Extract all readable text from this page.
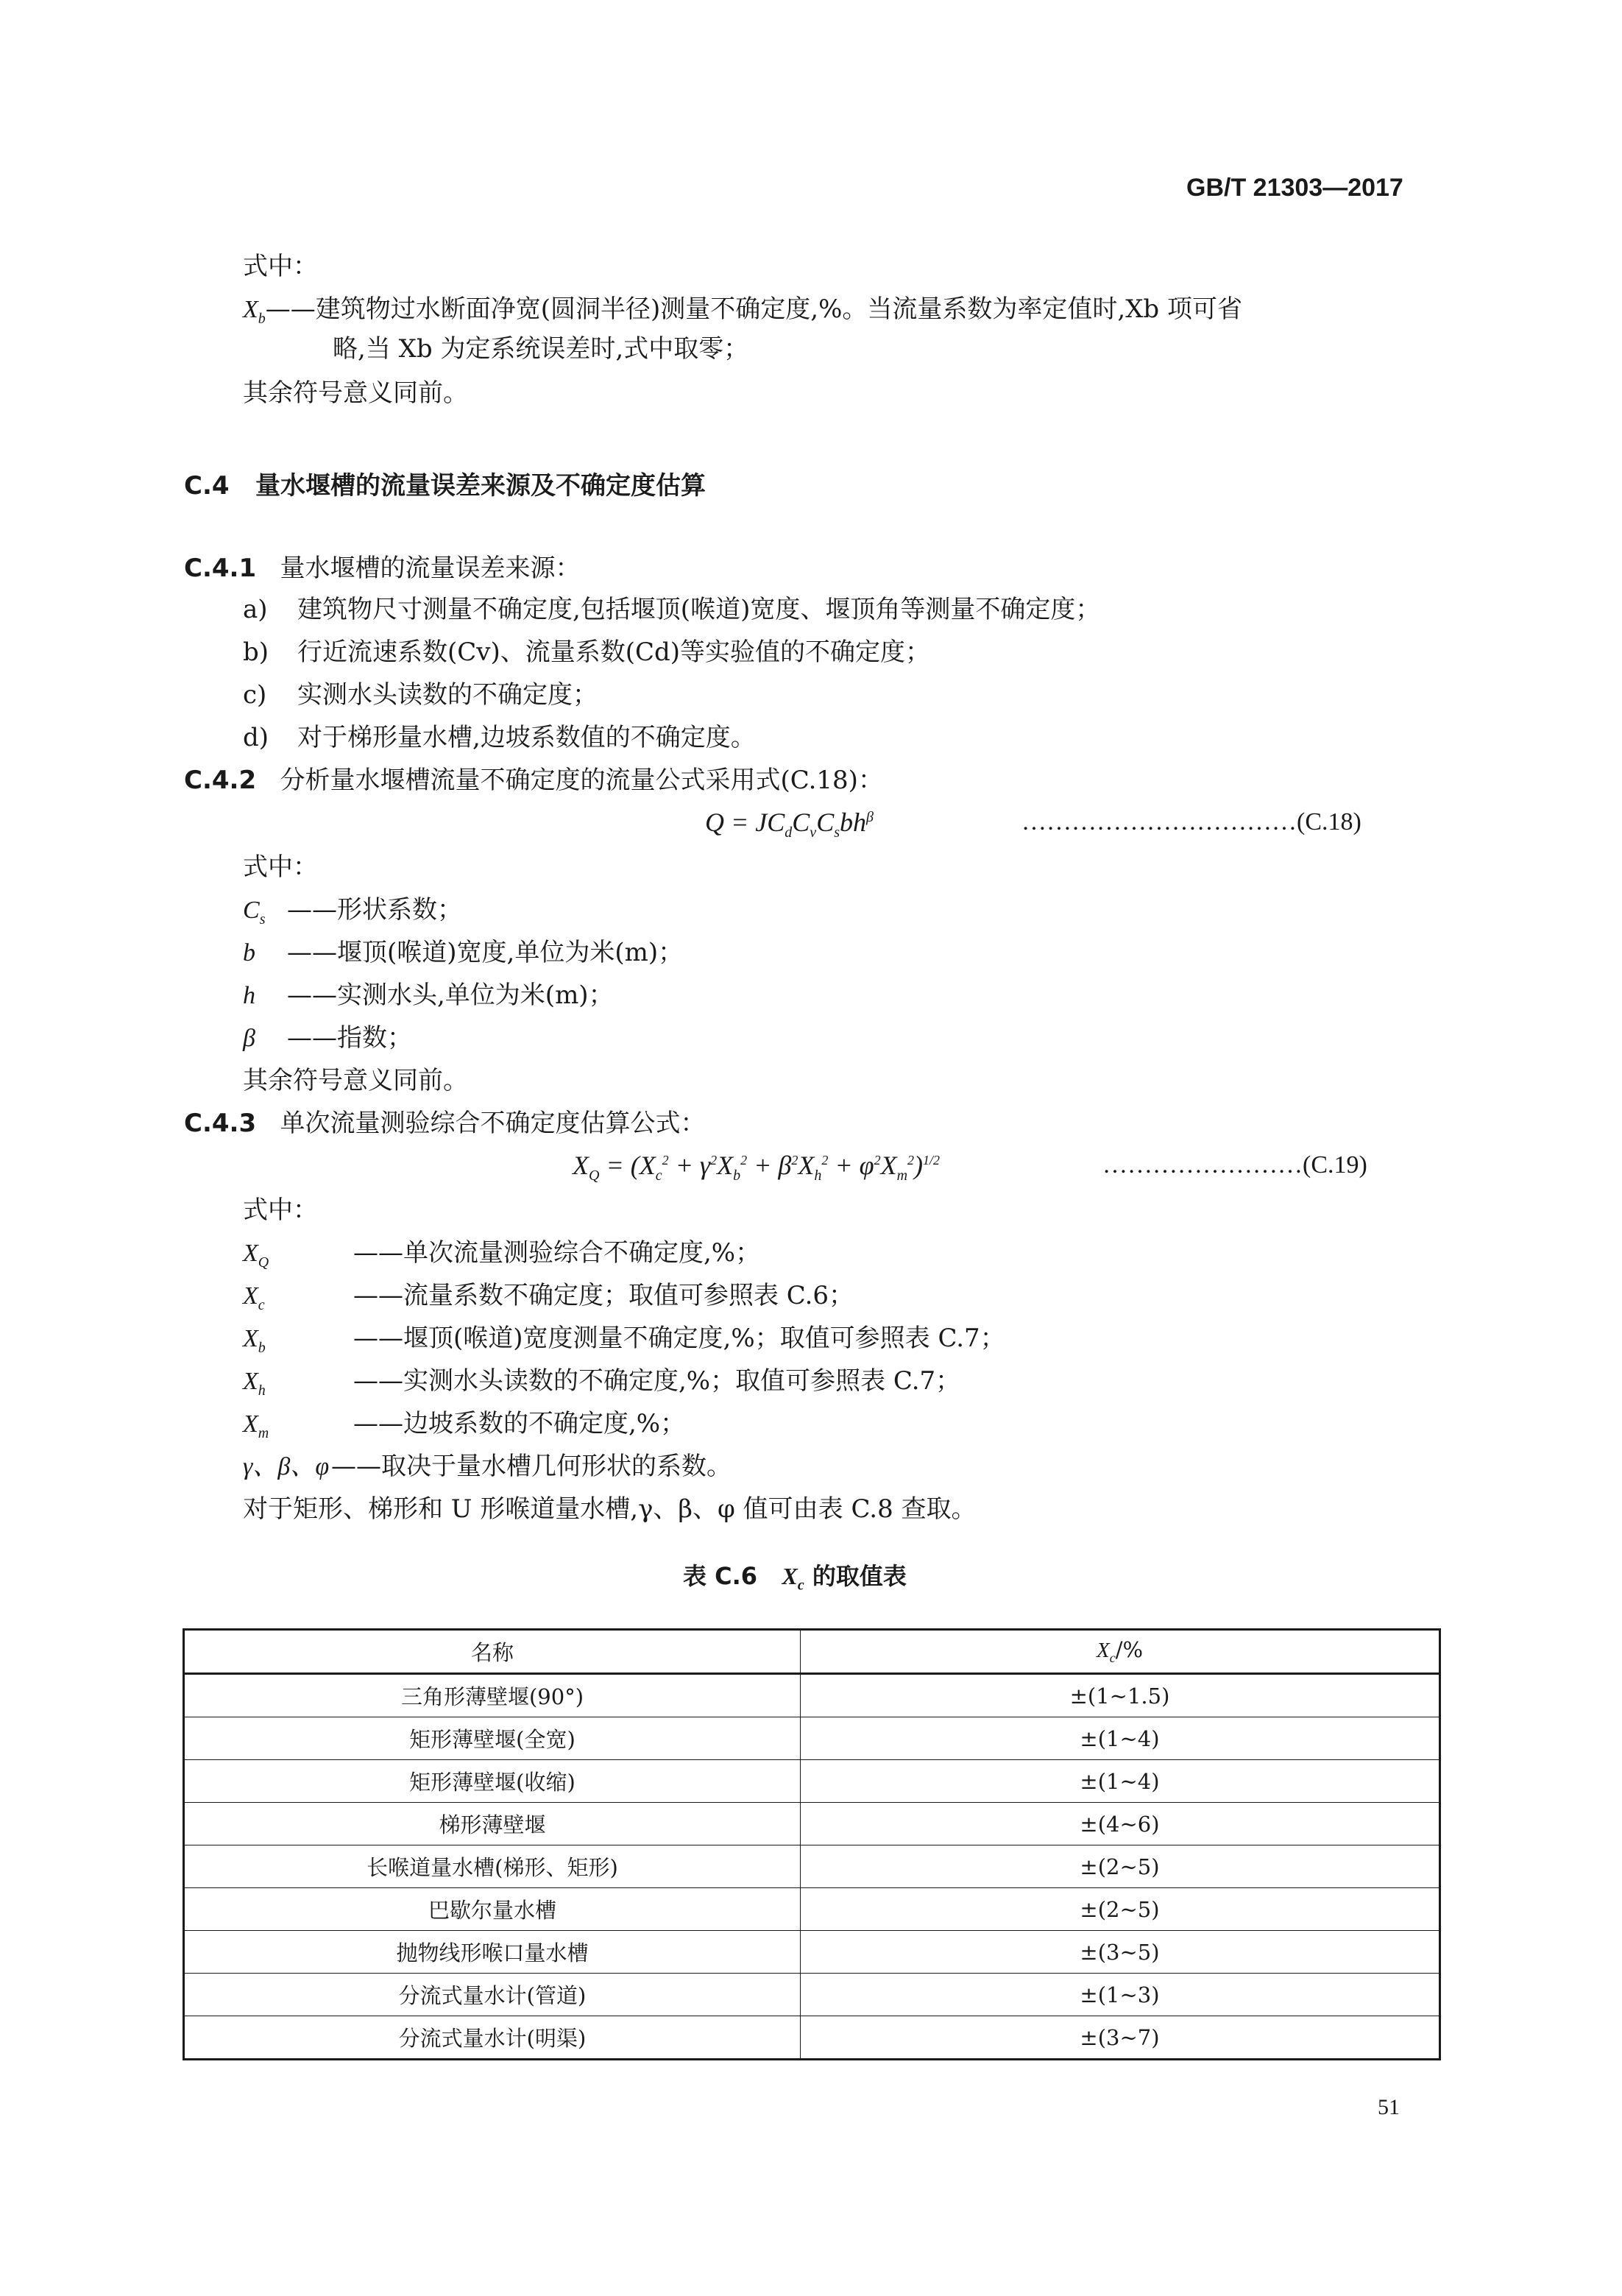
GB/T 21303—2017
式中：
$X_b——$建筑物过水断面净宽(圆洞半径)测量不确定度,%。当流量系数为率定值时,Xb 项可省
略,当 Xb 为定系统误差时,式中取零；
其余符号意义同前。
C.4 量水堰槽的流量误差来源及不确定度估算
C.4.1 量水堰槽的流量误差来源：
a) 建筑物尺寸测量不确定度,包括堰顶(喉道)宽度、堰顶角等测量不确定度；
b) 行近流速系数(Cv)、流量系数(Cd)等实验值的不确定度；
c) 实测水头读数的不确定度；
d) 对于梯形量水槽,边坡系数值的不确定度。
C.4.2 分析量水堰槽流量不确定度的流量公式采用式(C.18)：
$Q = JC_dC_vC_sbh^\beta$	……………………………(C.18)
式中：
$C_s$ ——形状系数；
b ——堰顶(喉道)宽度,单位为米(m)；
h ——实测水头,单位为米(m)；
β ——指数；
其余符号意义同前。
C.4.3 单次流量测验综合不确定度估算公式：
$X_Q = (X_c^2 + \gamma^2X_b^2 + \beta^2X_h^2 + \varphi^2X_m^2)^{1/2}$	……………………(C.19)
式中：
$X_Q$	——单次流量测验综合不确定度,%；
$X_c$	——流量系数不确定度；取值可参照表 C.6；
$X_b$	——堰顶(喉道)宽度测量不确定度,%；取值可参照表 C.7；
$X_h$	——实测水头读数的不确定度,%；取值可参照表 C.7；
$X_m$	——边坡系数的不确定度,%；
γ、β、φ——取决于量水槽几何形状的系数。
对于矩形、梯形和 U 形喉道量水槽,γ、β、φ 值可由表 C.8 查取。
表 C.6 $X_c$ 的取值表
名称	$X_c/\%$
三角形薄壁堰(90°)	±(1~1.5)
矩形薄壁堰(全宽)	±(1~4)
矩形薄壁堰(收缩)	±(1~4)
梯形薄壁堰	±(4~6)
长喉道量水槽(梯形、矩形)	±(2~5)
巴歇尔量水槽	±(2~5)
抛物线形喉口量水槽	±(3~5)
分流式量水计(管道)	±(1~3)
分流式量水计(明渠)	±(3~7)
51
